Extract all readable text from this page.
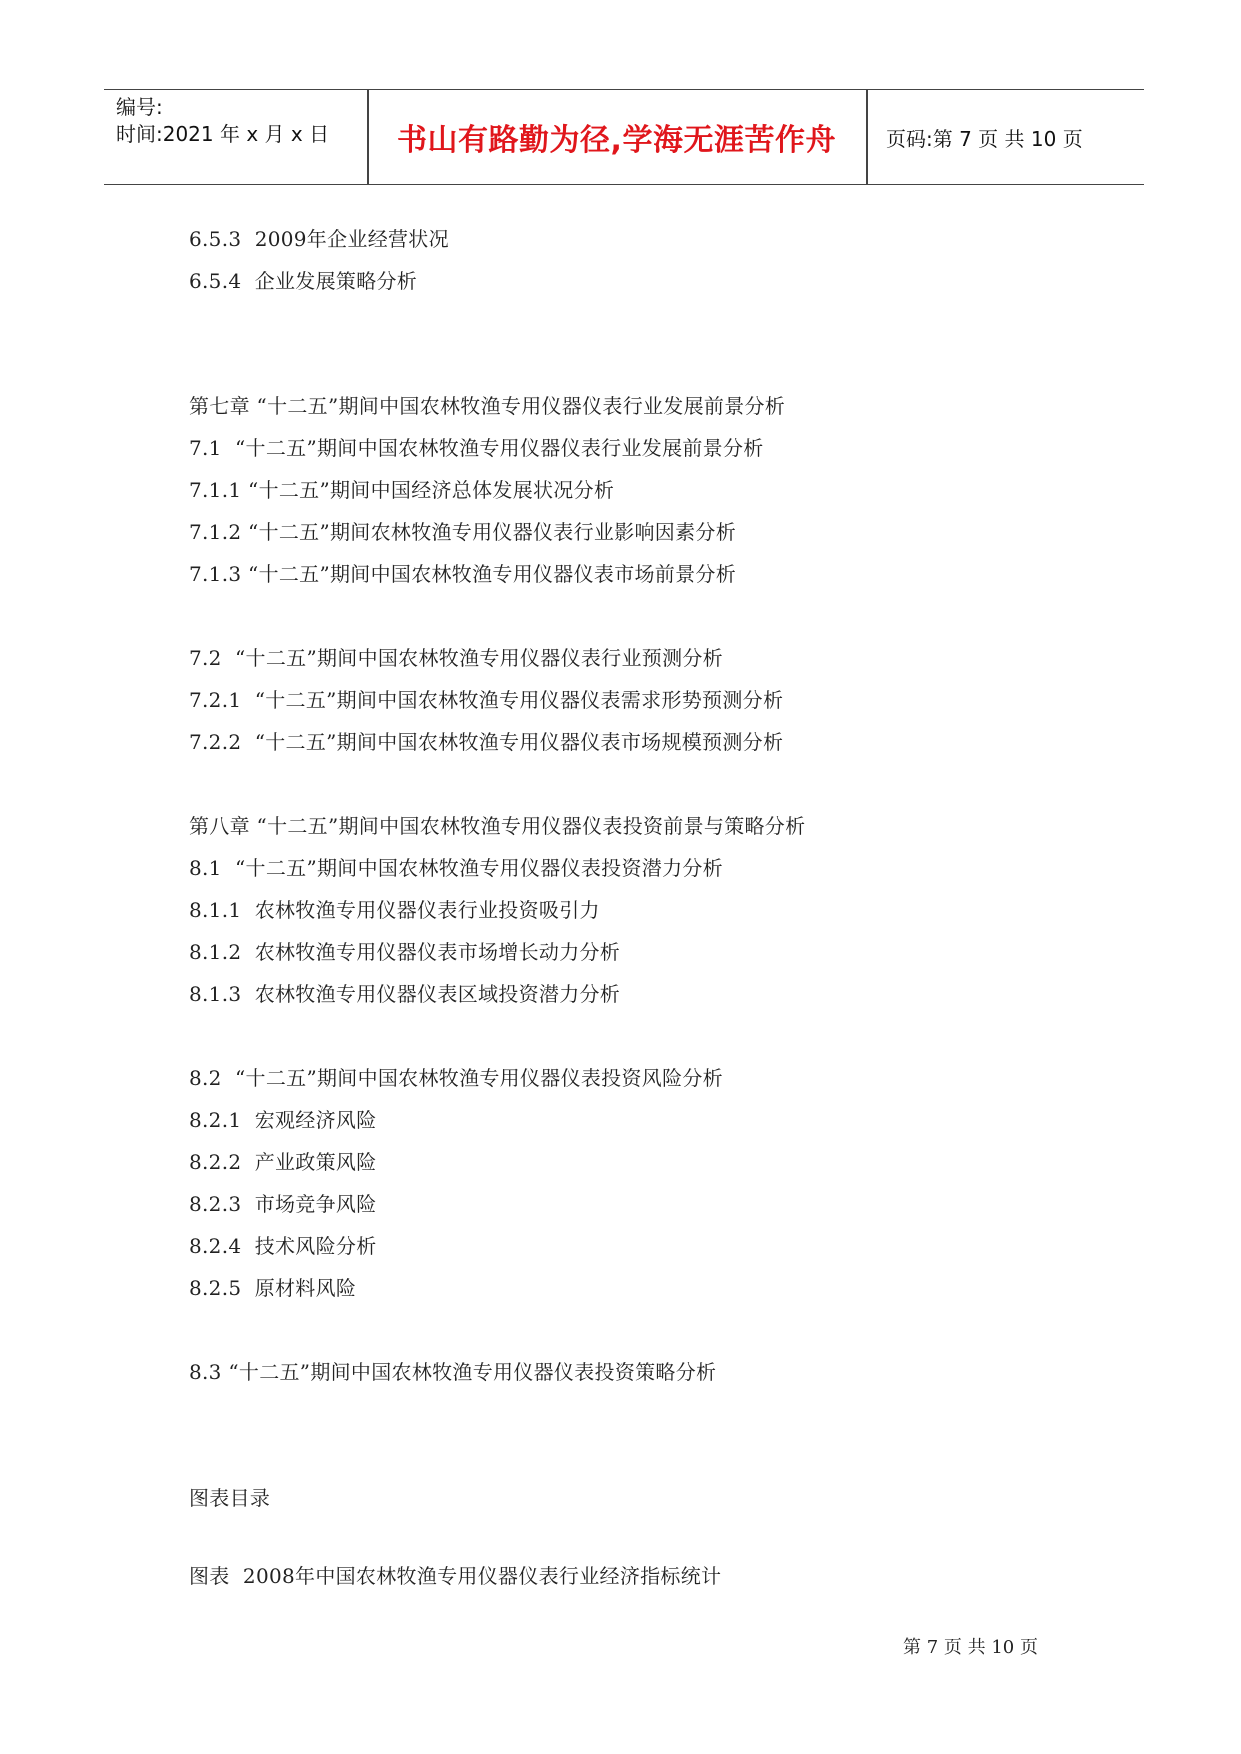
编号:
时间:2021 年 x 月 x 日	书山有路勤为径,学海无涯苦作舟	页码:第 7 页 共 10 页
6.5.3  2009年企业经营状况
6.5.4  企业发展策略分析
第七章 “十二五”期间中国农林牧渔专用仪器仪表行业发展前景分析
7.1  “十二五”期间中国农林牧渔专用仪器仪表行业发展前景分析
7.1.1 “十二五”期间中国经济总体发展状况分析
7.1.2 “十二五”期间农林牧渔专用仪器仪表行业影响因素分析
7.1.3 “十二五”期间中国农林牧渔专用仪器仪表市场前景分析
7.2  “十二五”期间中国农林牧渔专用仪器仪表行业预测分析
7.2.1  “十二五”期间中国农林牧渔专用仪器仪表需求形势预测分析
7.2.2  “十二五”期间中国农林牧渔专用仪器仪表市场规模预测分析
第八章 “十二五”期间中国农林牧渔专用仪器仪表投资前景与策略分析
8.1  “十二五”期间中国农林牧渔专用仪器仪表投资潜力分析
8.1.1  农林牧渔专用仪器仪表行业投资吸引力
8.1.2  农林牧渔专用仪器仪表市场增长动力分析
8.1.3  农林牧渔专用仪器仪表区域投资潜力分析
8.2  “十二五”期间中国农林牧渔专用仪器仪表投资风险分析
8.2.1  宏观经济风险
8.2.2  产业政策风险
8.2.3  市场竞争风险
8.2.4  技术风险分析
8.2.5  原材料风险
8.3 “十二五”期间中国农林牧渔专用仪器仪表投资策略分析
图表目录
图表  2008年中国农林牧渔专用仪器仪表行业经济指标统计
第 7 页 共 10 页
